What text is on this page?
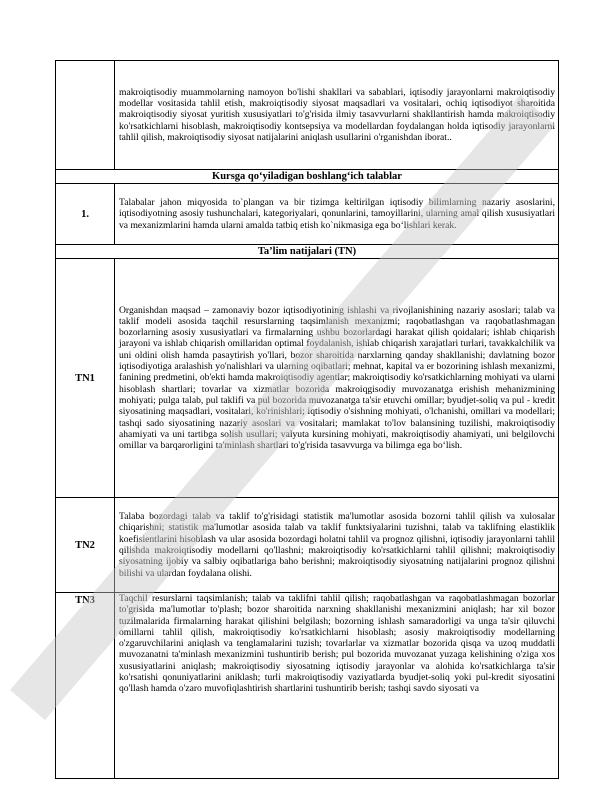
	makroiqtisodiy muammolarning namoyon bo'lishi shakllari va sabablari, iqtisodiy jarayonlarni makroiqtisodiy modellar vositasida tahlil etish, makroiqtisodiy siyosat maqsadlari va vositalari, ochiq iqtisodiyot sharoitida makroiqtisodiy siyosat yuritish xususiyatlari to'g'risida ilmiy tasavvurlarni shakllantirish hamda makroiqtisodiy ko'rsatkichlarni hisoblash, makroiqtisodiy kontsepsiya va modellardan foydalangan holda iqtisodiy jarayonlarni tahlil qilish, makroiqtisodiy siyosat natijalarini aniqlash usullarini o'rganishdan iborat..
Kursga qo‘yiladigan boshlang‘ich talablar	
1.	Talabalar jahon miqyosida to`plangan va bir tizimga keltirilgan iqtisodiy bilimlarning nazariy asoslarini, iqtisodiyotning asosiy tushunchalari, kategoriyalari, qonunlarini, tamoyillarini, ularning amal qilish xususiyatlari va mexanizmlarini hamda ularni amalda tatbiq etish ko`nikmasiga ega bo‘lishlari kerak.
Ta’lim natijalari (TN)	
TN1	Organishdan maqsad – zamonaviy bozor iqtisodiyotining ishlashi va rivojlanishining nazariy asoslari; talab va taklif modeli asosida taqchil resurslarning taqsimlanish mexanizmi; raqobatlashgan va raqobatlashmagan bozorlarning asosiy xususiyatlari va firmalarning ushbu bozorlardagi harakat qilish qoidalari; ishlab chiqarish jarayoni va ishlab chiqarish omillaridan optimal foydalanish, ishlab chiqarish xarajatlari turlari, tavakkalchilik va uni oldini olish hamda pasaytirish yo'llari, bozor sharoitida narxlarning qanday shakllanishi; davlatning bozor iqtisodiyotiga aralashish yo'nalishlari va ularning oqibatlari; mehnat, kapital va er bozorining ishlash mexanizmi, fanining predmetini, ob'ekti hamda makroiqtisodiy agentlar; makroiqtisodiy ko'rsatkichlarning mohiyati va ularni hisoblash shartlari; tovarlar va xizmatlar bozorida makroiqgisodiy muvozanatga erishish mehanizmining mohiyati; pulga talab, pul taklifi va pul bozorida muvozanatga ta'sir etuvchi omillar; byudjet-soliq va pul - kredit siyosatining maqsadlari, vositalari, ko'rinishlari; iqtisodiy o'sishning mohiyati, o'lchanishi, omillari va modellari; tashqi sado siyosatining nazariy asoslari va vositalari; mamlakat to'lov balansining tuzilishi, makroiqtisodiy ahamiyati va uni tartibga solish usullari; valyuta kursining mohiyati, makroiqtisodiy ahamiyati, uni belgilovchi omillar va barqarorligini ta'minlash shartlari to'g'risida tasavvurga va bilimga ega bo‘lish.
TN2	Talaba bozordagi talab va taklif to'g'risidagi statistik ma'lumotlar asosida bozorni tahlil qilish va xulosalar chiqarishni; statistik ma'lumotlar asosida talab va taklif funktsiyalarini tuzishni, talab va taklifning elastiklik koefisientlarini hisoblash va ular asosida bozordagi holatni tahlil va prognoz qilishni, iqtisodiy jarayonlarni tahlil qilishda makroiqtisodiy modellarni qo'llashni; makroiqtisodiy ko'rsatkichlarni tahlil qilishni; makroiqtisodiy siyosatning ijobiy va salbiy oqibatlariga baho berishni; makroiqtisodiy siyosatning natijalarini prognoz qilishni bilishi va ulardan foydalana olishi.
TN3	Taqchil resurslarni taqsimlanish; talab va taklifni tahlil qilish; raqobatlashgan va raqobatlashmagan bozorlar to'grisida ma'lumotlar to'plash; bozor sharoitida narxning shakllanishi mexanizmini aniqlash; har xil bozor tuzilmalarida firmalarning harakat qilishini belgilash; bozorning ishlash samaradorligi va unga ta'sir qiluvchi omillarni tahlil qilish, makroiqtisodiy ko'rsatkichlarni hisoblash; asosiy makroiqtisodiy modellarning o'zgaruvchilarini aniqlash va tenglamalarini tuzish; tovarlarlar va xizmatlar bozorida qisqa va uzoq muddatli muvozanatni ta'minlash mexanizmini tushuntirib berish; pul bozorida muvozanat yuzaga kelishining o'ziga xos xususiyatlarini aniqlash; makroiqtisodiy siyosatning iqtisodiy jarayonlar va alohida ko'rsatkichlarga ta'sir ko'rsatishi qonuniyatlarini aniklash; turli makroiqtisodiy vaziyatlarda byudjet-soliq yoki pul-kredit siyosatini qo'llash hamda o'zaro muvofiqlashtirish shartlarini tushuntirib berish; tashqi savdo siyosati va
